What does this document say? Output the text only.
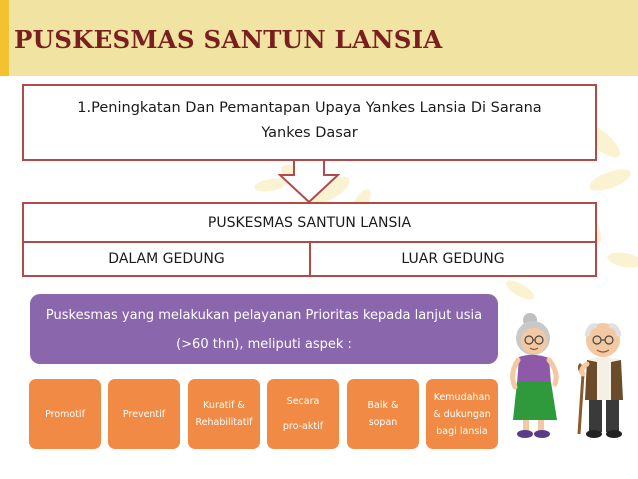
PUSKESMAS SANTUN LANSIA
1.Peningkatan Dan Pemantapan Upaya Yankes Lansia Di Sarana
Yankes Dasar
PUSKESMAS SANTUN LANSIA
DALAM GEDUNG	LUAR GEDUNG
Puskesmas yang melakukan pelayanan Prioritas kepada lanjut usia
(>60 thn), meliputi aspek :
Promotif	Preventif
Kuratif &
Rehabilitatif
Secara
pro-aktif
Baik &
sopan
Kemudahan
& dukungan
bagi lansia
